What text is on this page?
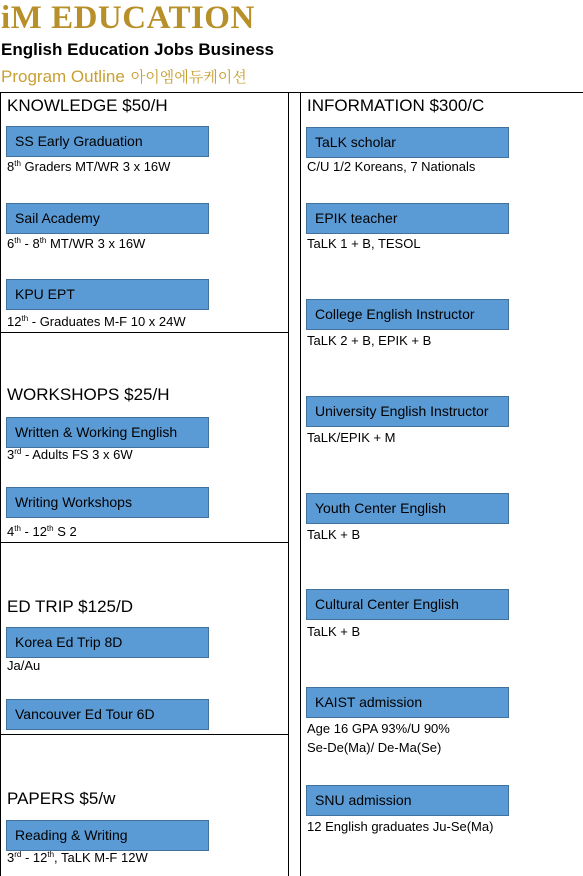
iM EDUCATION
English Education Jobs Business
Program Outline 아이엠에듀케이션
KNOWLEDGE $50/H
SS Early Graduation
8th Graders MT/WR 3 x 16W
Sail Academy
6th - 8th MT/WR 3 x 16W
KPU EPT
12th - Graduates M-F 10 x 24W
WORKSHOPS $25/H
Written & Working English
3rd - Adults FS 3 x 6W
Writing Workshops
4th - 12th S 2
ED TRIP $125/D
Korea Ed Trip 8D
Ja/Au
Vancouver Ed Tour 6D
PAPERS $5/w
Reading & Writing
3rd - 12th, TaLK M-F 12W
INFORMATION $300/C
TaLK scholar
C/U 1/2 Koreans, 7 Nationals
EPIK teacher
TaLK 1 + B, TESOL
College English Instructor
TaLK 2 + B, EPIK + B
University English Instructor
TaLK/EPIK + M
Youth Center English
TaLK + B
Cultural Center English
TaLK + B
KAIST admission
Age 16 GPA 93%/U 90%
Se-De(Ma)/ De-Ma(Se)
SNU admission
12 English graduates Ju-Se(Ma)
